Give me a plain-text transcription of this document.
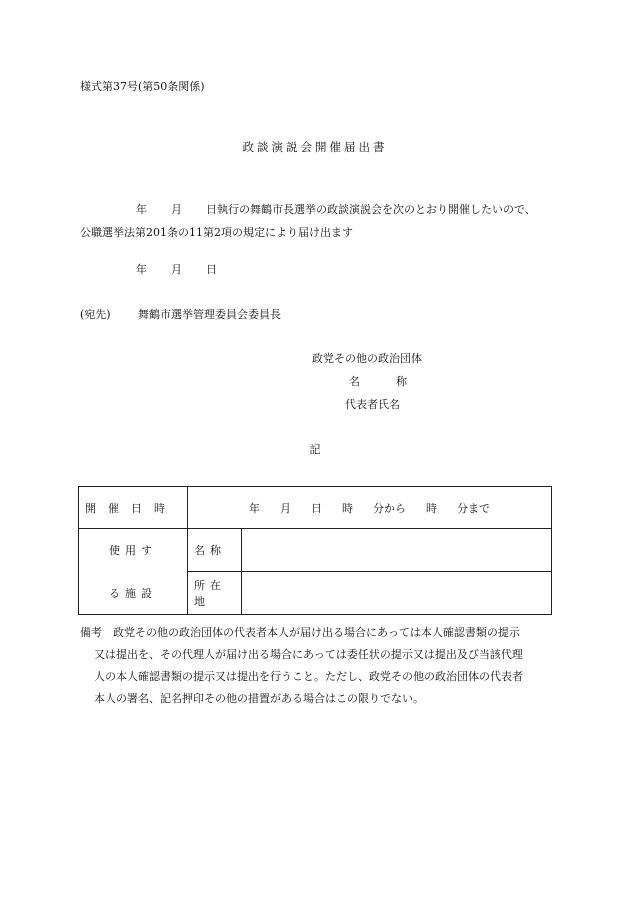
様式第37号(第50条関係)
政談演説会開催届出書
年 月 日執行の舞鶴市長選挙の政談演説会を次のとおり開催したいので、
公職選挙法第201条の11第2項の規定により届け出ます
年 月 日
(宛先) 舞鶴市選挙管理委員会委員長
政党その他の政治団体
名	称
代表者氏名
記
開催日時	年 月 日 時 分から 時 分まで	
使用す	名称	
る施設	所在地	
備考　政党その他の政治団体の代表者本人が届け出る場合にあっては本人確認書類の提示
又は提出を、その代理人が届け出る場合にあっては委任状の提示又は提出及び当該代理
人の本人確認書類の提示又は提出を行うこと。ただし、政党その他の政治団体の代表者
本人の署名、記名押印その他の措置がある場合はこの限りでない。
